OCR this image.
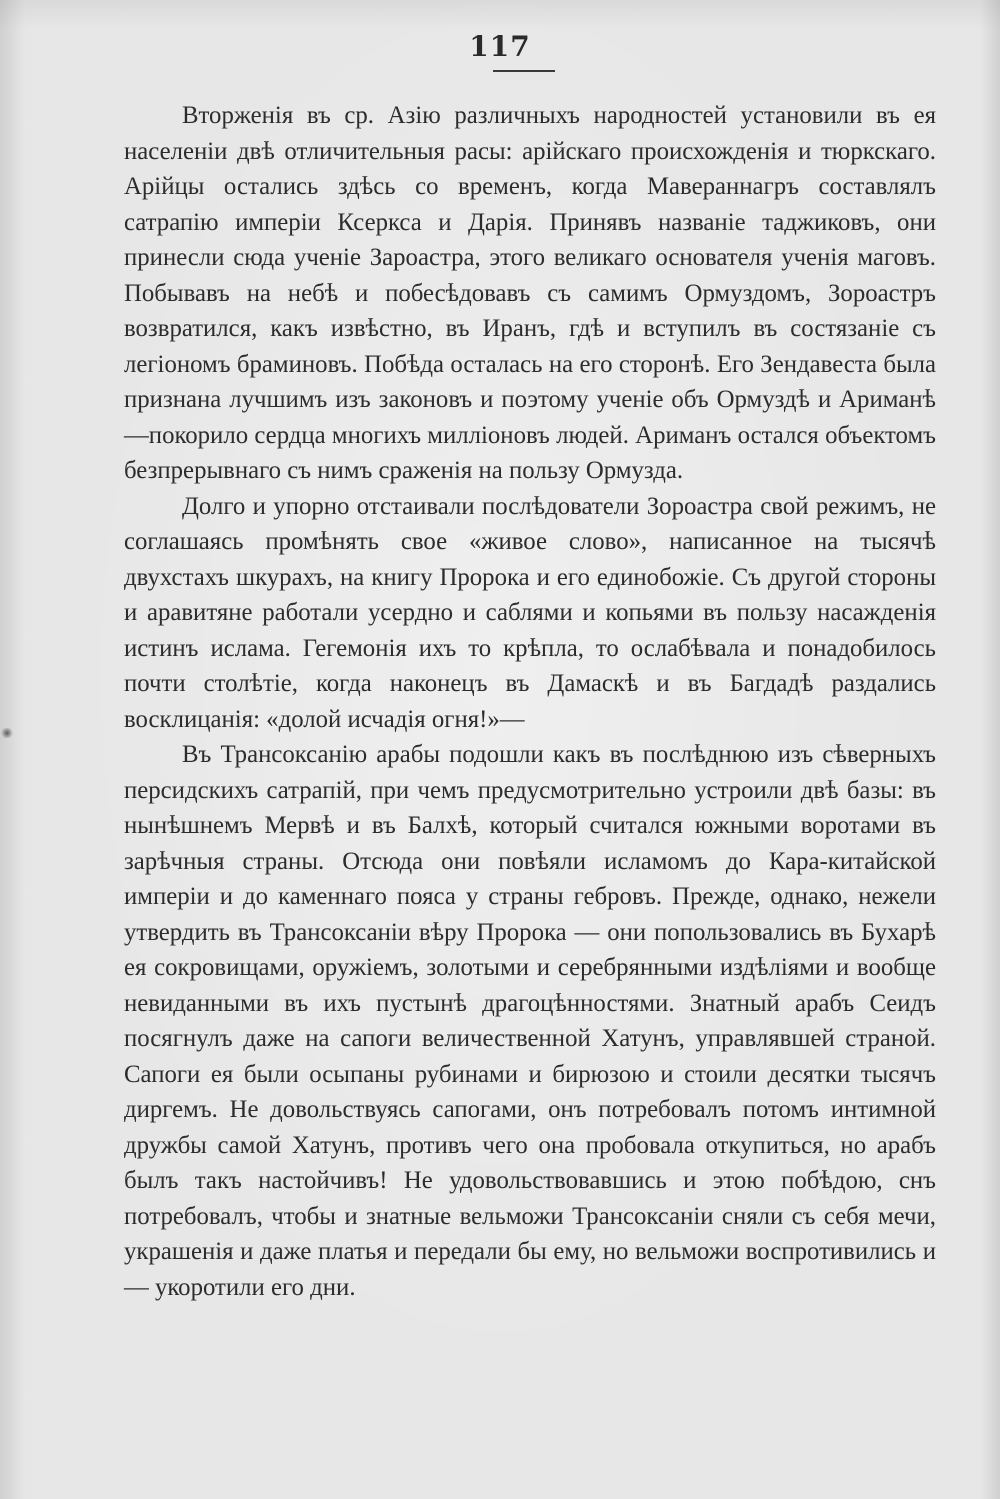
117

Вторженія въ ср. Азію различныхъ народностей установили въ ея населеніи двѣ отличительныя расы: арійскаго происхожденія и тюркскаго. Арійцы остались здѣсь со временъ, когда Мавераннагръ составлялъ сатрапію имперіи Ксеркса и Дарія. Принявъ названіе таджиковъ, они принесли сюда ученіе Зароастра, этого великаго основателя ученія маговъ. Побывавъ на небѣ и побесѣдовавъ съ самимъ Ормуздомъ, Зороастръ возвратился, какъ извѣстно, въ Иранъ, гдѣ и вступилъ въ состязаніе съ легіономъ браминовъ. Побѣда осталась на его сторонѣ. Его Зендавеста была признана лучшимъ изъ законовъ и поэтому ученіе объ Ормуздѣ и Ариманѣ—покорило сердца многихъ милліоновъ людей. Ариманъ остался объектомъ безпрерывнаго съ нимъ сраженія на пользу Ормузда.

Долго и упорно отстаивали послѣдователи Зороастра свой режимъ, не соглашаясь промѣнять свое «живое слово», написанное на тысячѣ двухстахъ шкурахъ, на книгу Пророка и его единобожіе. Съ другой стороны и аравитяне работали усердно и саблями и копьями въ пользу насажденія истинъ ислама. Гегемонія ихъ то крѣпла, то ослабѣвала и понадобилось почти столѣтіе, когда наконецъ въ Дамаскѣ и въ Багдадѣ раздались восклицанія: «долой исчадія огня!»—

Въ Трансоксанію арабы подошли какъ въ послѣднюю изъ сѣверныхъ персидскихъ сатрапій, при чемъ предусмотрительно устроили двѣ базы: въ нынѣшнемъ Мервѣ и въ Балхѣ, который считался южными воротами въ зарѣчныя страны. Отсюда они повѣяли исламомъ до Кара-китайской имперіи и до каменнаго пояса у страны гебровъ. Прежде, однако, нежели утвердить въ Трансоксаніи вѣру Пророка — они попользовались въ Бухарѣ ея сокровищами, оружіемъ, золотыми и серебрянными издѣліями и вообще невиданными въ ихъ пустынѣ драгоцѣнностями. Знатный арабъ Сеидъ посягнулъ даже на сапоги величественной Хатунъ, управлявшей страной. Сапоги ея были осыпаны рубинами и бирюзою и стоили десятки тысячъ диргемъ. Не довольствуясь сапогами, онъ потребовалъ потомъ интимной дружбы самой Хатунъ, противъ чего она пробовала откупиться, но арабъ былъ такъ настойчивъ! Не удовольствовавшись и этою побѣдою, снъ потребовалъ, чтобы и знатные вельможи Трансоксаніи сняли съ себя мечи, украшенія и даже платья и передали бы ему, но вельможи воспротивились и— укоротили его дни.
